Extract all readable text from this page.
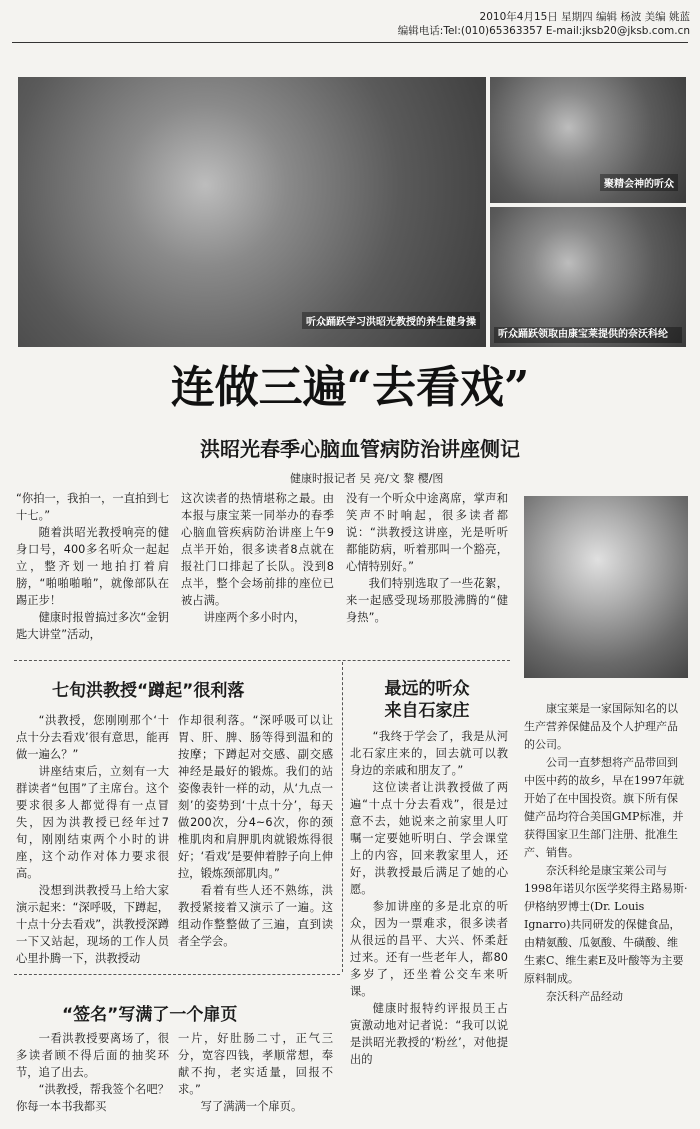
2010年4月15日 星期四 编辑 杨波 美编 姚蓝
编辑电话:Tel:(010)65363357 E-mail:jksb20@jksb.com.cn
听众踊跃学习洪昭光教授的养生健身操
聚精会神的听众
听众踊跃领取由康宝莱提供的奈沃科纶
连做三遍“去看戏”
洪昭光春季心脑血管病防治讲座侧记
健康时报记者 吴 亮/文 黎 樱/图

“你拍一，我拍一，一直拍到七十七。”

随着洪昭光教授响亮的健身口号，400多名听众一起起立，整齐划一地拍打着肩膀，“啪啪啪啪”，就像部队在踢正步！

健康时报曾搞过多次“金钥匙大讲堂”活动，

这次读者的热情堪称之最。由本报与康宝莱一同举办的春季心脑血管疾病防治讲座上午9点半开始，很多读者8点就在报社门口排起了长队。没到8点半，整个会场前排的座位已被占满。

讲座两个多小时内，

没有一个听众中途离席，掌声和笑声不时响起，很多读者都说：“洪教授这讲座，光是听听都能防病，听着那叫一个豁亮，心情特别好。”

我们特别选取了一些花絮，来一起感受现场那股沸腾的“健身热”。

七旬洪教授“蹲起”很利落

“洪教授，您刚刚那个‘十点十分去看戏’很有意思，能再做一遍么？”

讲座结束后，立刻有一大群读者“包围”了主席台。这个要求很多人都觉得有一点冒失，因为洪教授已经年过7旬，刚刚结束两个小时的讲座，这个动作对体力要求很高。

没想到洪教授马上给大家演示起来：“深呼吸，下蹲起，十点十分去看戏”，洪教授深蹲一下又站起，现场的工作人员心里扑腾一下，洪教授动

作却很利落。“深呼吸可以让胃、肝、脾、肠等得到温和的按摩；下蹲起对交感、副交感神经是最好的锻炼。我们的站姿像表针一样的动，从‘九点一刻’的姿势到‘十点十分’，每天做200次，分4~6次，你的颈椎肌肉和肩胛肌肉就锻炼得很好；‘看戏’是要伸着脖子向上伸拉，锻炼颈部肌肉。”

看着有些人还不熟练，洪教授紧接着又演示了一遍。这组动作整整做了三遍，直到读者全学会。

最远的听众
来自石家庄

“我终于学会了，我是从河北石家庄来的，回去就可以教身边的亲戚和朋友了。”

这位读者让洪教授做了两遍“十点十分去看戏”，很是过意不去，她说来之前家里人叮嘱一定要她听明白、学会课堂上的内容，回来教家里人，还好，洪教授最后满足了她的心愿。

参加讲座的多是北京的听众，因为一票难求，很多读者从很远的昌平、大兴、怀柔赶过来。还有一些老年人，都80多岁了，还坐着公交车来听课。

健康时报特约评报员王占寅激动地对记者说：“我可以说是洪昭光教授的‘粉丝’，对他提出的

“签名”写满了一个扉页

一看洪教授要离场了，很多读者顾不得后面的抽奖环节，追了出去。

“洪教授，帮我签个名吧？你每一本书我都买

一片，好肚肠二寸，正气三分，宽容四钱，孝顺常想，奉献不拘，老实适量，回报不求。”

写了满满一个扉页。

康宝莱是一家国际知名的以生产营养保健品及个人护理产品的公司。

公司一直梦想将产品带回到中医中药的故乡，早在1997年就开始了在中国投资。旗下所有保健产品均符合美国GMP标准，并获得国家卫生部门注册、批准生产、销售。

奈沃科纶是康宝莱公司与1998年诺贝尔医学奖得主路易斯·伊格纳罗博士(Dr. Louis Ignarro)共同研发的保健食品，由精氨酸、瓜氨酸、牛磺酸、维生素C、维生素E及叶酸等为主要原料制成。

奈沃科产品经动
